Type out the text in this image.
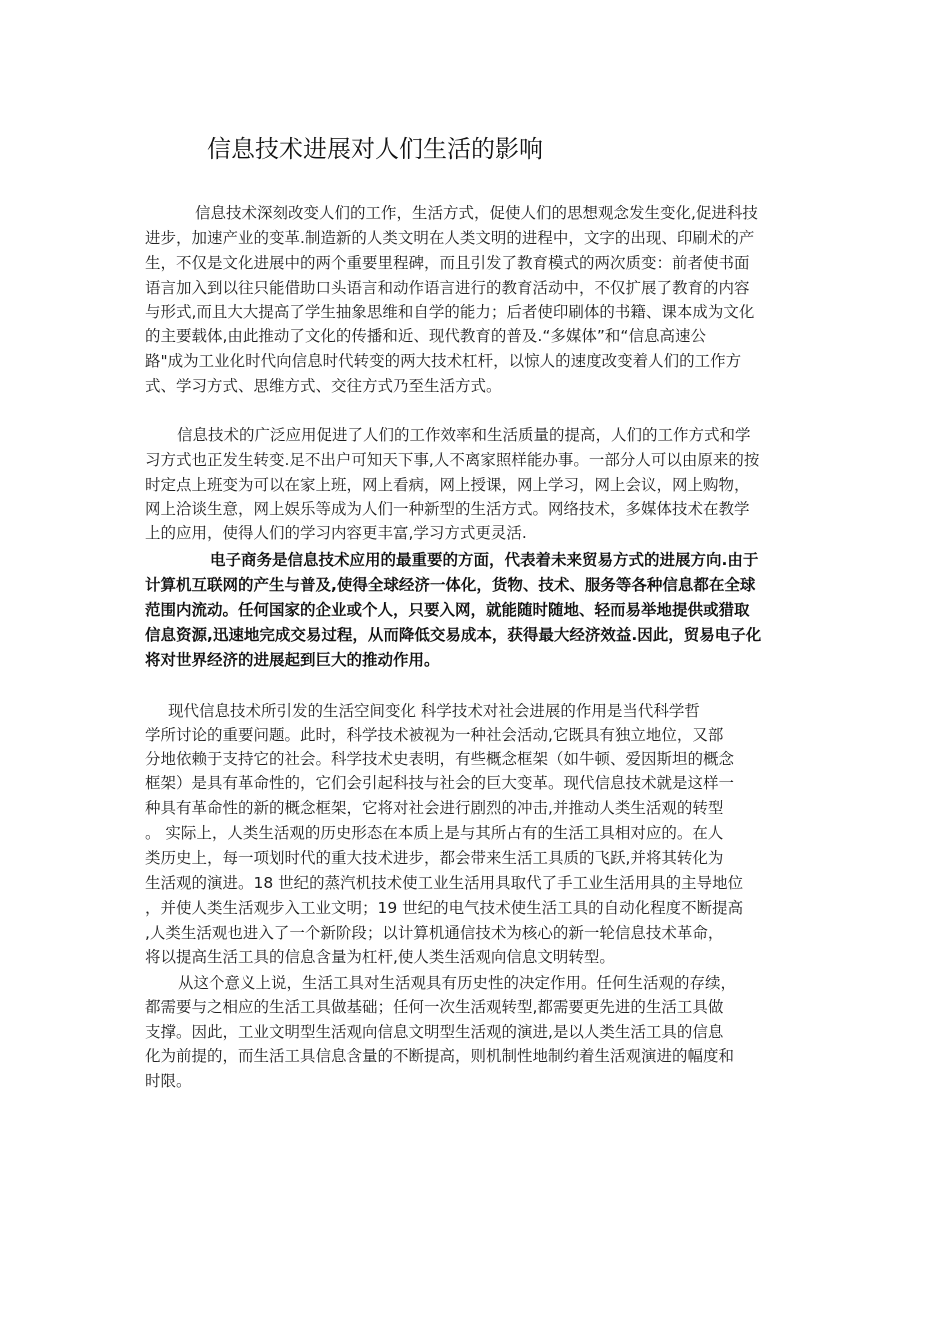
信息技术进展对人们生活的影响
信息技术深刻改变人们的工作，生活方式，促使人们的思想观念发生变化,促进科技
进步，加速产业的变革.制造新的人类文明在人类文明的进程中，文字的出现、印刷术的产
生，不仅是文化进展中的两个重要里程碑，而且引发了教育模式的两次质变：前者使书面
语言加入到以往只能借助口头语言和动作语言进行的教育活动中，不仅扩展了教育的内容
与形式,而且大大提高了学生抽象思维和自学的能力；后者使印刷体的书籍、课本成为文化
的主要载体,由此推动了文化的传播和近、现代教育的普及.“多媒体”和“信息高速公
路"成为工业化时代向信息时代转变的两大技术杠杆，以惊人的速度改变着人们的工作方
式、学习方式、思维方式、交往方式乃至生活方式。
信息技术的广泛应用促进了人们的工作效率和生活质量的提高，人们的工作方式和学
习方式也正发生转变.足不出户可知天下事,人不离家照样能办事。一部分人可以由原来的按
时定点上班变为可以在家上班，网上看病，网上授课，网上学习，网上会议，网上购物，
网上洽谈生意，网上娱乐等成为人们一种新型的生活方式。网络技术，多媒体技术在教学
上的应用，使得人们的学习内容更丰富,学习方式更灵活.
电子商务是信息技术应用的最重要的方面，代表着未来贸易方式的进展方向.由于
计算机互联网的产生与普及,使得全球经济一体化，货物、技术、服务等各种信息都在全球
范围内流动。任何国家的企业或个人，只要入网，就能随时随地、轻而易举地提供或猎取
信息资源,迅速地完成交易过程，从而降低交易成本，获得最大经济效益.因此，贸易电子化
将对世界经济的进展起到巨大的推动作用。
现代信息技术所引发的生活空间变化 科学技术对社会进展的作用是当代科学哲
学所讨论的重要问题。此时，科学技术被视为一种社会活动,它既具有独立地位，又部
分地依赖于支持它的社会。科学技术史表明，有些概念框架（如牛顿、爱因斯坦的概念
框架）是具有革命性的，它们会引起科技与社会的巨大变革。现代信息技术就是这样一
种具有革命性的新的概念框架，它将对社会进行剧烈的冲击,并推动人类生活观的转型
。 实际上，人类生活观的历史形态在本质上是与其所占有的生活工具相对应的。在人
类历史上，每一项划时代的重大技术进步，都会带来生活工具质的飞跃,并将其转化为
生活观的演进。18 世纪的蒸汽机技术使工业生活用具取代了手工业生活用具的主导地位
，并使人类生活观步入工业文明；19 世纪的电气技术使生活工具的自动化程度不断提高
,人类生活观也进入了一个新阶段；以计算机通信技术为核心的新一轮信息技术革命，
将以提高生活工具的信息含量为杠杆,使人类生活观向信息文明转型。
从这个意义上说，生活工具对生活观具有历史性的决定作用。任何生活观的存续，
都需要与之相应的生活工具做基础；任何一次生活观转型,都需要更先进的生活工具做
支撑。因此，工业文明型生活观向信息文明型生活观的演进,是以人类生活工具的信息
化为前提的，而生活工具信息含量的不断提高，则机制性地制约着生活观演进的幅度和
时限。
